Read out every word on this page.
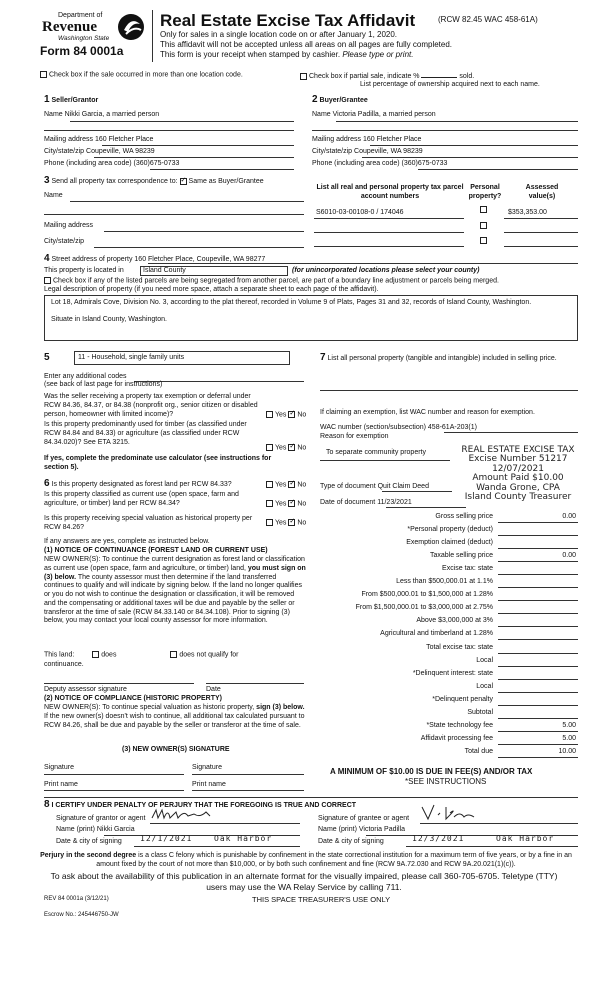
Department of
Revenue
Washington State
Form 84 0001a
Real Estate Excise Tax Affidavit	(RCW 82.45 WAC 458-61A)
Only for sales in a single location code on or after January 1, 2020.
This affidavit will not be accepted unless all areas on all pages are fully completed.
This form is your receipt when stamped by cashier. Please type or print.
Check box if the sale occurred in more than one location code.	Check box if partial sale, indicate %	sold.
List percentage of ownership acquired next to each name.
1 Seller/Grantor
Name Nikki Garcia, a married person
Mailing address 160 Fletcher Place
City/state/zip Coupeville, WA 98239
Phone (including area code) (360)675-0733
2 Buyer/Grantee
Name Victoria Padilla, a married person
Mailing address 160 Fletcher Place
City/state/zip Coupeville, WA 98239
Phone (including area code) (360)675-0733
3 Send all property tax correspondence to: ✓ Same as Buyer/Grantee
Name
Mailing address
City/state/zip
List all real and personal property tax parcel account numbers
Personal property?
Assessed value(s)
S6010-03-00108-0 / 174046	$353,353.00
4 Street address of property 160 Fletcher Place, Coupeville, WA 98277
This property is located in	Island County	(for unincorporated locations please select your county)
Check box if any of the listed parcels are being segregated from another parcel, are part of a boundary line adjustment or parcels being merged.
Legal description of property (if you need more space, attach a separate sheet to each page of the affidavit).
Lot 18, Admirals Cove, Division No. 3, according to the plat thereof, recorded in Volume 9 of Plats, Pages 31 and 32, records of Island County, Washington.
Situate in Island County, Washington.
5	11 - Household, single family units
Enter any additional codes
(see back of last page for instructions)
Was the seller receiving a property tax exemption or deferral under RCW 84.36, 84.37, or 84.38 (nonprofit org., senior citizen or disabled person, homeowner with limited income)?	Yes ✓ No
Is this property predominantly used for timber (as classified under RCW 84.84 and 84.33) or agriculture (as classified under RCW 84.34.020)? See ETA 3215.
Yes ✓ No
If yes, complete the predominate use calculator (see instructions for section 5).
6 Is this property designated as forest land per RCW 84.33?	Yes ✓ No
Is this property classified as current use (open space, farm and agriculture, or timber) land per RCW 84.34?	Yes ✓ No
Is this property receiving special valuation as historical property per RCW 84.26?
Yes ✓ No
If any answers are yes, complete as instructed below.
(1) NOTICE OF CONTINUANCE (FOREST LAND OR CURRENT USE)
NEW OWNER(S): To continue the current designation as forest land or classification as current use (open space, farm and agriculture, or timber) land, you must sign on (3) below. The county assessor must then determine if the land transferred continues to qualify and will indicate by signing below. If the land no longer qualifies or you do not wish to continue the designation or classification, it will be removed and the compensating or additional taxes will be due and payable by the seller or transferor at the time of sale (RCW 84.33.140 or 84.34.108). Prior to signing (3) below, you may contact your local county assessor for more information.
This land:	does	does not qualify for
continuance.
Deputy assessor signature	Date
(2) NOTICE OF COMPLIANCE (HISTORIC PROPERTY)
NEW OWNER(S): To continue special valuation as historic property, sign (3) below. If the new owner(s) doesn't wish to continue, all additional tax calculated pursuant to RCW 84.26, shall be due and payable by the seller or transferor at the time of sale.
(3) NEW OWNER(S) SIGNATURE
Signature	Signature
Print name	Print name
7 List all personal property (tangible and intangible) included in selling price.
If claiming an exemption, list WAC number and reason for exemption.
WAC number (section/subsection) 458-61A-203(1)
Reason for exemption
To separate community property	REAL ESTATE EXCISE TAX
Excise Number 51217
12/07/2021
Amount Paid $10.00
Wanda Grone, CPA
Island County Treasurer
Type of document Quit Claim Deed
Date of document 11/23/2021
Gross selling price	0.00
*Personal property (deduct)
Exemption claimed (deduct)
Taxable selling price	0.00
Excise tax: state
Less than $500,000.01 at 1.1%
From $500,000.01 to $1,500,000 at 1.28%
From $1,500,000.01 to $3,000,000 at 2.75%
Above $3,000,000 at 3%
Agricultural and timberland at 1.28%
Total excise tax: state
Local
*Delinquent interest: state
Local
*Delinquent penalty
Subtotal
*State technology fee	5.00
Affidavit processing fee	5.00
Total due	10.00
A MINIMUM OF $10.00 IS DUE IN FEE(S) AND/OR TAX
*SEE INSTRUCTIONS
8 I CERTIFY UNDER PENALTY OF PERJURY THAT THE FOREGOING IS TRUE AND CORRECT
Signature of grantor or agent
Name (print) Nikki Garcia
Date & city of signing 12/1/2021	Oak Harbor
Signature of grantee or agent
Name (print) Victoria Padilla
Date & city of signing	12/3/2021	Oak Harbor
Perjury in the second degree is a class C felony which is punishable by confinement in the state correctional institution for a maximum term of five years, or by a fine in an amount fixed by the court of not more than $10,000, or by both such confinement and fine (RCW 9A.72.030 and RCW 9A.20.021(1)(c)).
To ask about the availability of this publication in an alternate format for the visually impaired, please call 360-705-6705. Teletype (TTY) users may use the WA Relay Service by calling 711.
REV 84 0001a (3/12/21)	THIS SPACE TREASURER'S USE ONLY
Escrow No.: 245446750-JW
